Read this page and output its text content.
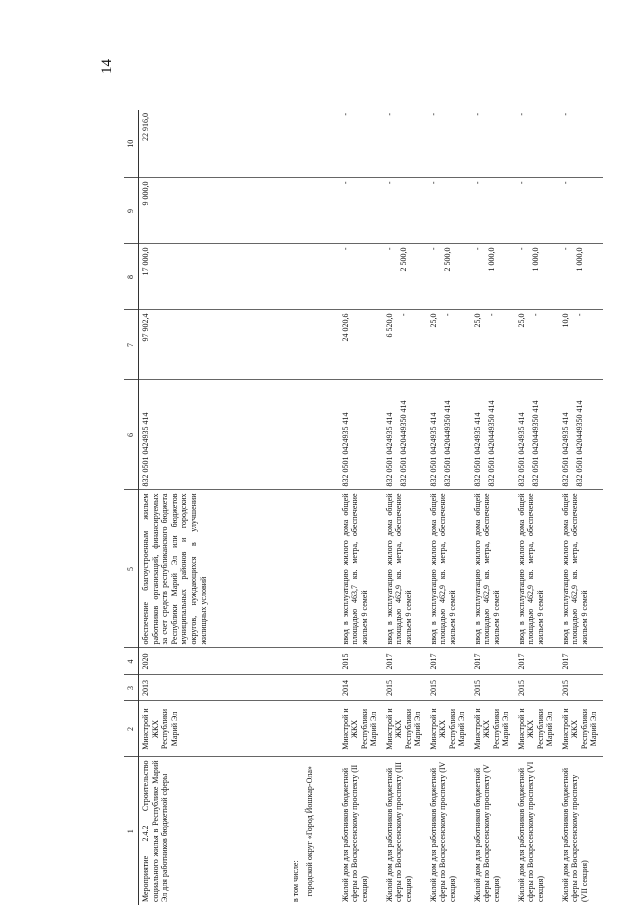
14
1	2	3	4	5	6	7	8	9	10
Мероприятие 2.4.2 Строительство социального жилья в Республике Марий Эл для работников бюджетной сферы	Минстрой и ЖКХ Республики Марий Эл	2013	2020	обеспечение благоустроенным жильем работников организаций, финансируемых за счет средств республиканского бюджета Республики Марий Эл или бюджетов муниципальных районов и городских округов, нуждающихся в улучшении жилищных условий	832 0501 0424935 414	97 902,4	17 000,0	9 000,0	22 916,0
в том числе: городской округ «Город Йошкар-Ола»									

Жилой дом для работников бюджетной сферы по Воскресенскому проспекту (II секция)	Минстрой и ЖКХ Республики Марий Эл	2014	2015	ввод в эксплуатацию жилого дома общей площадью 463,7 кв. метра, обеспечение жильем 9 семей	832 0501 0424935 414	24 020,6	-	-	-
Жилой дом для работников бюджетной сферы по Воскресенскому проспекту (III секция)	Минстрой и ЖКХ Республики Марий Эл	2015	2017	ввод в эксплуатацию жилого дома общей площадью 462,9 кв. метра, обеспечение жильем 9 семей	832 0501 0424935 414 832 0501 0420449350 414	6 520,0 -	- 2 500,0	-	-
Жилой дом для работников бюджетной сферы по Воскресенскому проспекту (IV секция)	Минстрой и ЖКХ Республики Марий Эл	2015	2017	ввод в эксплуатацию жилого дома общей площадью 462,9 кв. метра, обеспечение жильем 9 семей	832 0501 0424935 414 832 0501 0420449350 414	25,0 -	- 2 500,0	-	-
Жилой дом для работников бюджетной сферы по Воскресенскому проспекту (V секция)	Минстрой и ЖКХ Республики Марий Эл	2015	2017	ввод в эксплуатацию жилого дома общей площадью 462,9 кв. метра, обеспечение жильем 9 семей	832 0501 0424935 414 832 0501 0420449350 414	25,0 -	- 1 000,0	-	-
Жилой дом для работников бюджетной сферы по Воскресенскому проспекту (VI секция)	Минстрой и ЖКХ Республики Марий Эл	2015	2017	ввод в эксплуатацию жилого дома общей площадью 462,9 кв. метра, обеспечение жильем 9 семей	832 0501 0424935 414 832 0501 0420449350 414	25,0 -	- 1 000,0	-	-
Жилой дом для работников бюджетной сферы по Воскресенскому проспекту (VII секция)	Минстрой и ЖКХ Республики Марий Эл	2015	2017	ввод в эксплуатацию жилого дома общей площадью 462,9 кв. метра, обеспечение жильем 9 семей	832 0501 0424935 414 832 0501 0420449350 414	10,0 -	- 1 000,0	-	-
